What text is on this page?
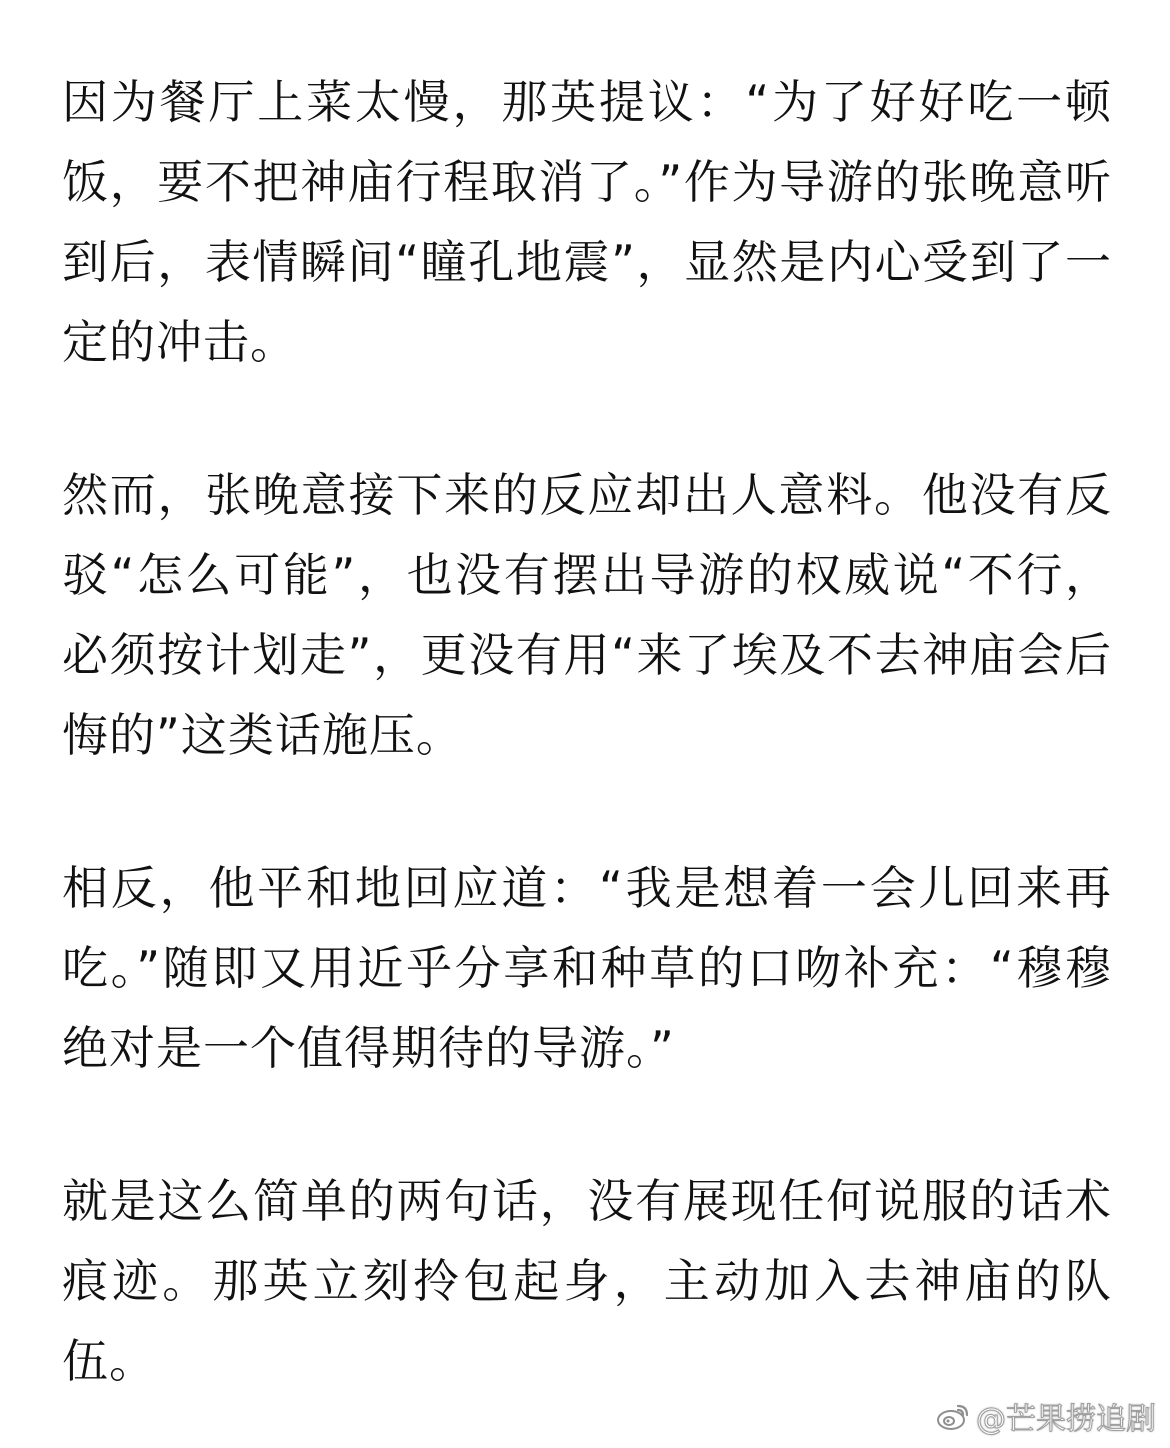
因为餐厅上菜太慢，那英提议：“为了好好吃一顿饭，要不把神庙行程取消了。”作为导游的张晚意听到后，表情瞬间“瞳孔地震”，显然是内心受到了一定的冲击。

然而，张晚意接下来的反应却出人意料。他没有反驳“怎么可能”，也没有摆出导游的权威说“不行，必须按计划走”，更没有用“来了埃及不去神庙会后悔的”这类话施压。

相反，他平和地回应道：“我是想着一会儿回来再吃。”随即又用近乎分享和种草的口吻补充：“穆穆绝对是一个值得期待的导游。”

就是这么简单的两句话，没有展现任何说服的话术痕迹。那英立刻拎包起身，主动加入去神庙的队伍。

@芒果捞追剧
